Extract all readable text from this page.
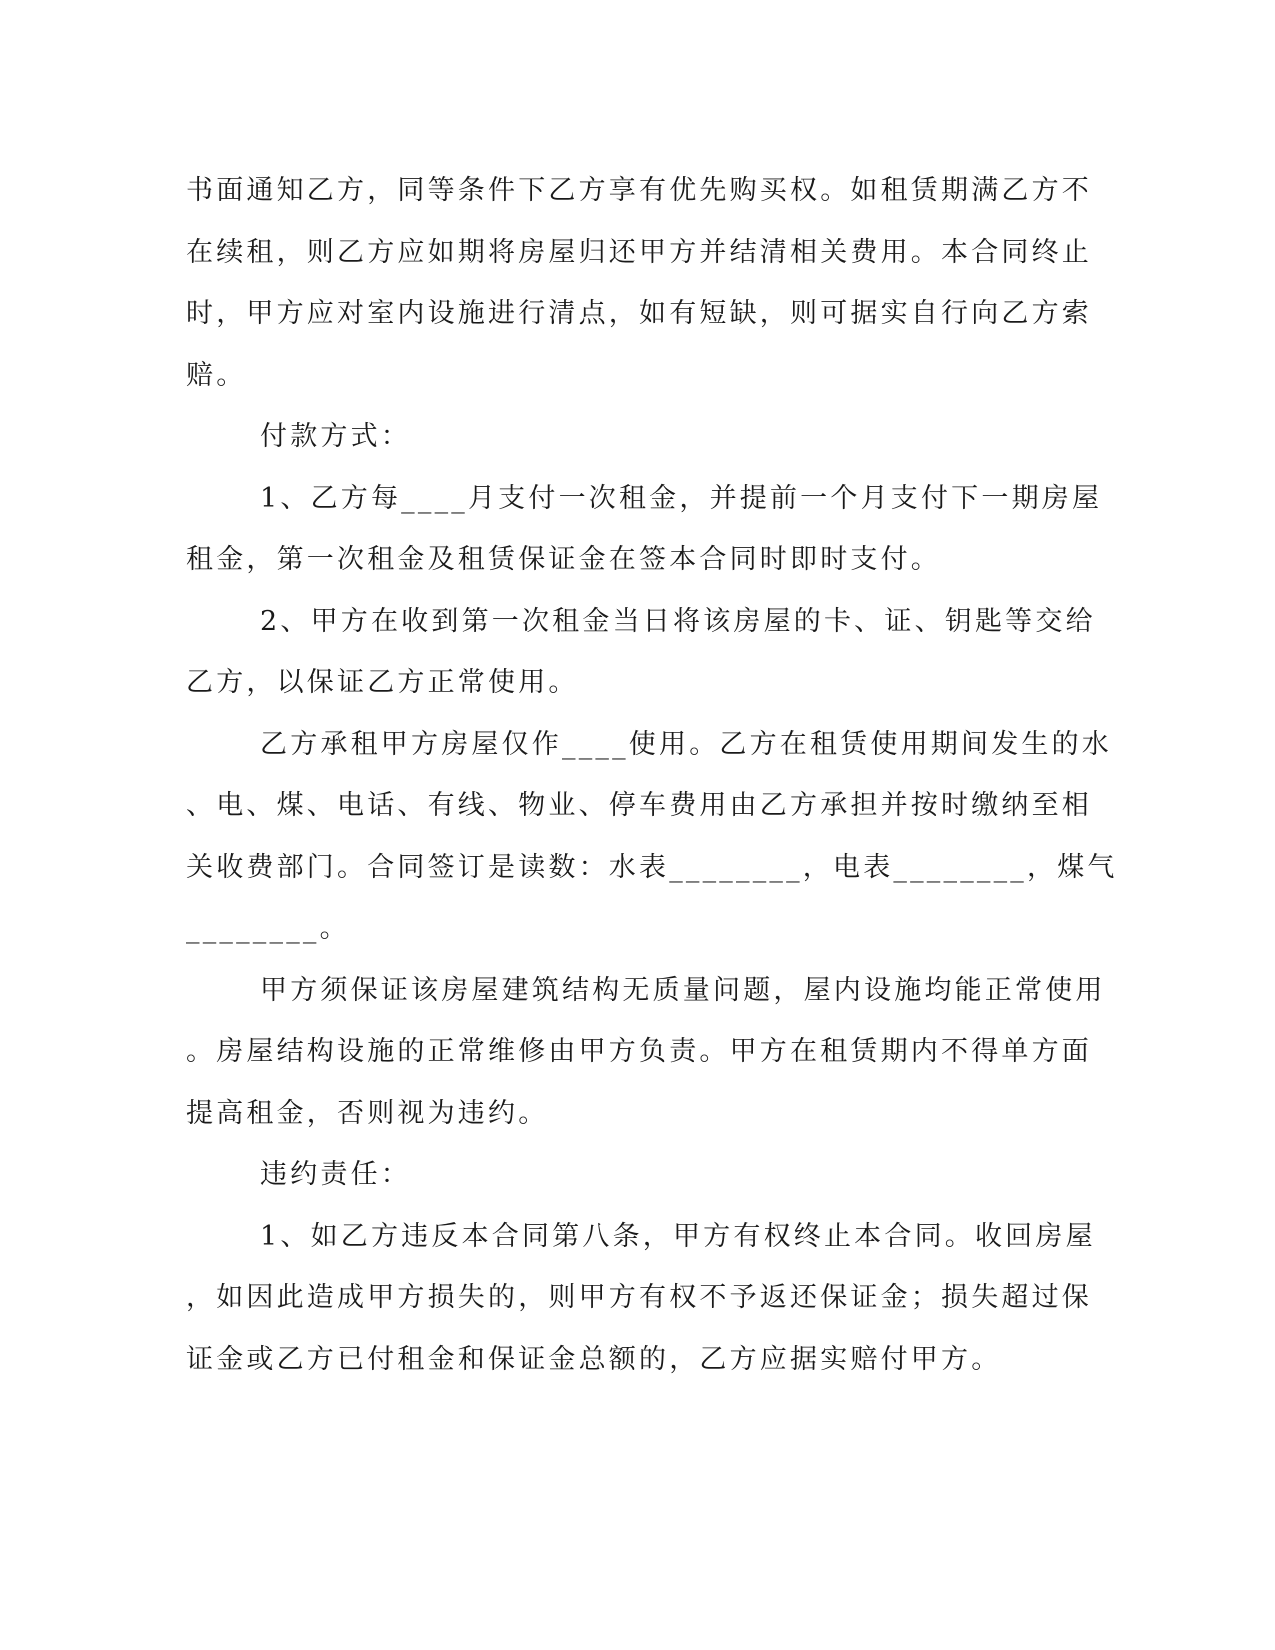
书面通知乙方，同等条件下乙方享有优先购买权。如租赁期满乙方不
在续租，则乙方应如期将房屋归还甲方并结清相关费用。本合同终止
时，甲方应对室内设施进行清点，如有短缺，则可据实自行向乙方索
赔。
付款方式：
1、乙方每____月支付一次租金，并提前一个月支付下一期房屋
租金，第一次租金及租赁保证金在签本合同时即时支付。
2、甲方在收到第一次租金当日将该房屋的卡、证、钥匙等交给
乙方，以保证乙方正常使用。
乙方承租甲方房屋仅作____使用。乙方在租赁使用期间发生的水
、电、煤、电话、有线、物业、停车费用由乙方承担并按时缴纳至相
关收费部门。合同签订是读数：水表________，电表________，煤气
________。
甲方须保证该房屋建筑结构无质量问题，屋内设施均能正常使用
。房屋结构设施的正常维修由甲方负责。甲方在租赁期内不得单方面
提高租金，否则视为违约。
违约责任：
1、如乙方违反本合同第八条，甲方有权终止本合同。收回房屋
，如因此造成甲方损失的，则甲方有权不予返还保证金；损失超过保
证金或乙方已付租金和保证金总额的，乙方应据实赔付甲方。
